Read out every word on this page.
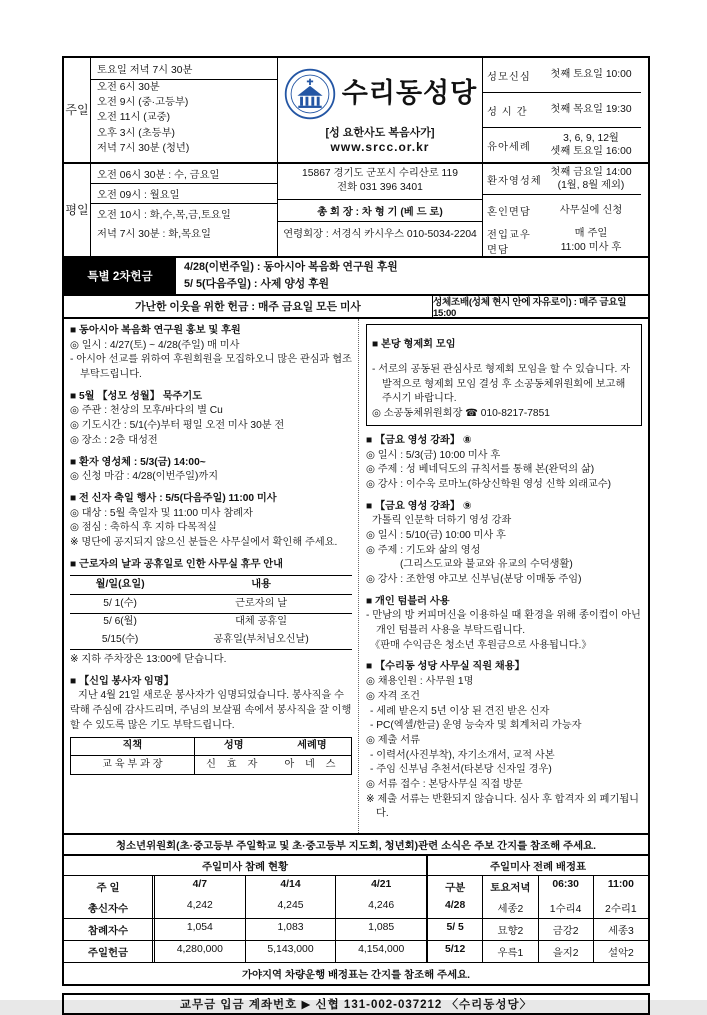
주일
토요일 저녁 7시 30분
오전 6시 30분
오전 9시 (중·고등부)
오전 11시 (교중)
오후 3시 (초등부)
저녁 7시 30분 (청년)
수리동성당
[성 요한사도 복음사가]
www.srcc.or.kr
성모신심	첫째 토요일 10:00
성 시 간	첫째 목요일 19:30
유아세례
3, 6, 9, 12월
셋째 토요일 16:00
평일
오전 06시 30분 : 수, 금요일
오전 09시 : 월요일
오전 10시 : 화,수,목,금,토요일
저녁 7시 30분 : 화,목요일
15867 경기도 군포시 수리산로 119
전화 031 396 3401
총 회 장 : 차 형 기 (베 드 로)
연령회장 : 서경식 카시우스 010-5034-2204
환자영성체
첫째 금요일 14:00
(1월, 8월 제외)
혼인면담	사무실에 신청
전입교우 면담
매 주일
11:00 미사 후
특별 2차헌금
4/28(이번주일) : 동아시아 복음화 연구원 후원
5/ 5(다음주일) : 사제 양성 후원
가난한 이웃을 위한 헌금 : 매주 금요일 모든 미사	성체조배(성체 현시 안에 자유로이) : 매주 금요일 15:00

■ 동아시아 복음화 연구원 홍보 및 후원

◎ 일시 : 4/27(토) ~ 4/28(주일) 매 미사

- 아시아 선교를 위하여 후원회원을 모집하오니 많은 관심과 협조 부탁드립니다.

■ 5월 【성모 성월】 묵주기도

◎ 주관 : 천상의 모후/바다의 별 Cu

◎ 기도시간 : 5/1(수)부터 평일 오전 미사 30분 전

◎ 장소 : 2층 대성전

■ 환자 영성체 : 5/3(금) 14:00~

◎ 신청 마감 : 4/28(이번주일)까지

■ 전 신자 축일 행사 : 5/5(다음주일) 11:00 미사

◎ 대상 : 5월 축일자 및 11:00 미사 참례자

◎ 점심 : 축하식 후 지하 다목적실

※ 명단에 공지되지 않으신 분들은 사무실에서 확인해 주세요.

■ 근로자의 날과 공휴일로 인한 사무실 휴무 안내

월/일(요일)	내용
5/ 1(수)	근로자의 날
5/ 6(월)	대체 공휴일
5/15(수)	공휴일(부처님오신날)

※ 지하 주차장은 13:00에 닫습니다.

■ 【신입 봉사자 임명】

지난 4월 21일 새로운 봉사자가 임명되었습니다. 봉사직을 수락해 주심에 감사드리며, 주님의 보살핌 속에서 봉사직을 잘 이행할 수 있도록 많은 기도 부탁드립니다.

직책	성명	세례명
교 육 부 과 장	신 효 자	아 네 스

■ 본당 형제회 모임

- 서로의 공동된 관심사로 형제회 모임을 할 수 있습니다. 자발적으로 형제회 모임 결성 후 소공동체위원회에 보고해 주시기 바랍니다.

◎ 소공동체위원회장 ☎ 010-8217-7851

■ 【금요 영성 강좌】 ⑧

◎ 일시 : 5/3(금) 10:00 미사 후

◎ 주제 : 성 베네딕도의 규칙서를 통해 본(완덕의 삶)

◎ 강사 : 이수욱 로마노(하상신학원 영성 신학 외래교수)

■ 【금요 영성 강좌】 ⑨

가톨릭 인문학 더하기 영성 강좌

◎ 일시 : 5/10(금) 10:00 미사 후

◎ 주제 : 기도와 삶의 영성

(그리스도교와 불교와 유교의 수덕생활)

◎ 강사 : 조한영 야고보 신부님(분당 이매동 주임)

■ 개인 텀블러 사용

- 만남의 방 커피머신을 이용하실 때 환경을 위해 종이컵이 아닌 개인 텀블러 사용을 부탁드립니다.

《판매 수익금은 청소년 후원금으로 사용됩니다.》

■ 【수리동 성당 사무실 직원 채용】

◎ 채용인원 : 사무원 1명

◎ 자격 조건

- 세례 받은지 5년 이상 된 견진 받은 신자

- PC(엑셀/한글) 운영 능숙자 및 회계처리 가능자

◎ 제출 서류

- 이력서(사진부착), 자기소개서, 교적 사본

- 주임 신부님 추천서(타본당 신자일 경우)

◎ 서류 접수 : 본당사무실 직접 방문

※ 제출 서류는 반환되지 않습니다. 심사 후 합격자 외 폐기됩니다.

청소년위원회(초·중고등부 주일학교 및 초·중고등부 지도회, 청년회)관련 소식은 주보 간지를 참조해 주세요.
주일미사 참례 현황
주 일	4/7	4/14	4/21
총신자수	4,242	4,245	4,246
참례자수	1,054	1,083	1,085
주일헌금	4,280,000	5,143,000	4,154,000
주일미사 전례 배정표
구분	토요저녁	06:30	11:00
4/28	세종2	1수리4	2수리1
5/ 5	묘향2	금강2	세종3
5/12	우륵1	을지2	설악2
가야지역 차량운행 배정표는 간지를 참조해 주세요.
교무금 입금 계좌번호 ▶ 신협 131-002-037212 〈수리동성당〉
